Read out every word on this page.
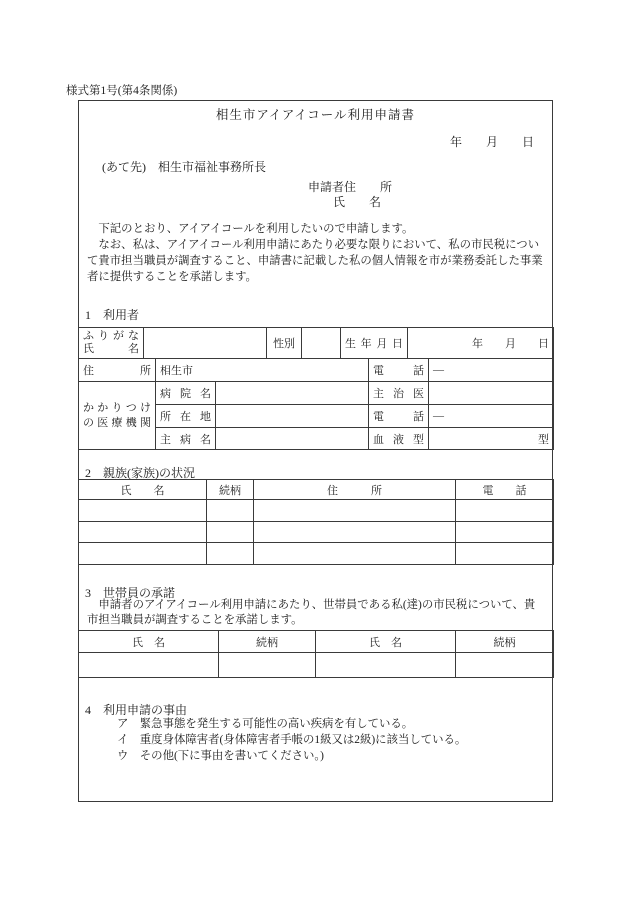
様式第1号(第4条関係)
相生市アイアイコール利用申請書
年　　月　　日
(あて先)　相生市福祉事務所長
申請者住　　所
氏　　名
　下記のとおり、アイアイコールを利用したいので申請します。
　なお、私は、アイアイコール利用申請にあたり必要な限りにおいて、私の市民税につい
て貴市担当職員が調査すること、申請書に記載した私の個人情報を市が業務委託した事業
者に提供することを承諾します。
1　利用者
ふりがな
氏名				性別		生年月日		年　　月　　日	
住所		相生市					電話		―

かかりつけ
の医療機関		病院名					主治医		
		所在地					電話		―
		主病名					血液型		型
2　親族(家族)の状況
氏　　名	続柄	住　　　所	電　　話

3　世帯員の承諾
　申請者のアイアイコール利用申請にあたり、世帯員である私(達)の市民税について、貴
市担当職員が調査することを承諾します。
氏　名	続柄	氏　名	続柄

4　利用申請の事由
ア　緊急事態を発生する可能性の高い疾病を有している。
イ　重度身体障害者(身体障害者手帳の1級又は2級)に該当している。
ウ　その他(下に事由を書いてください。)
